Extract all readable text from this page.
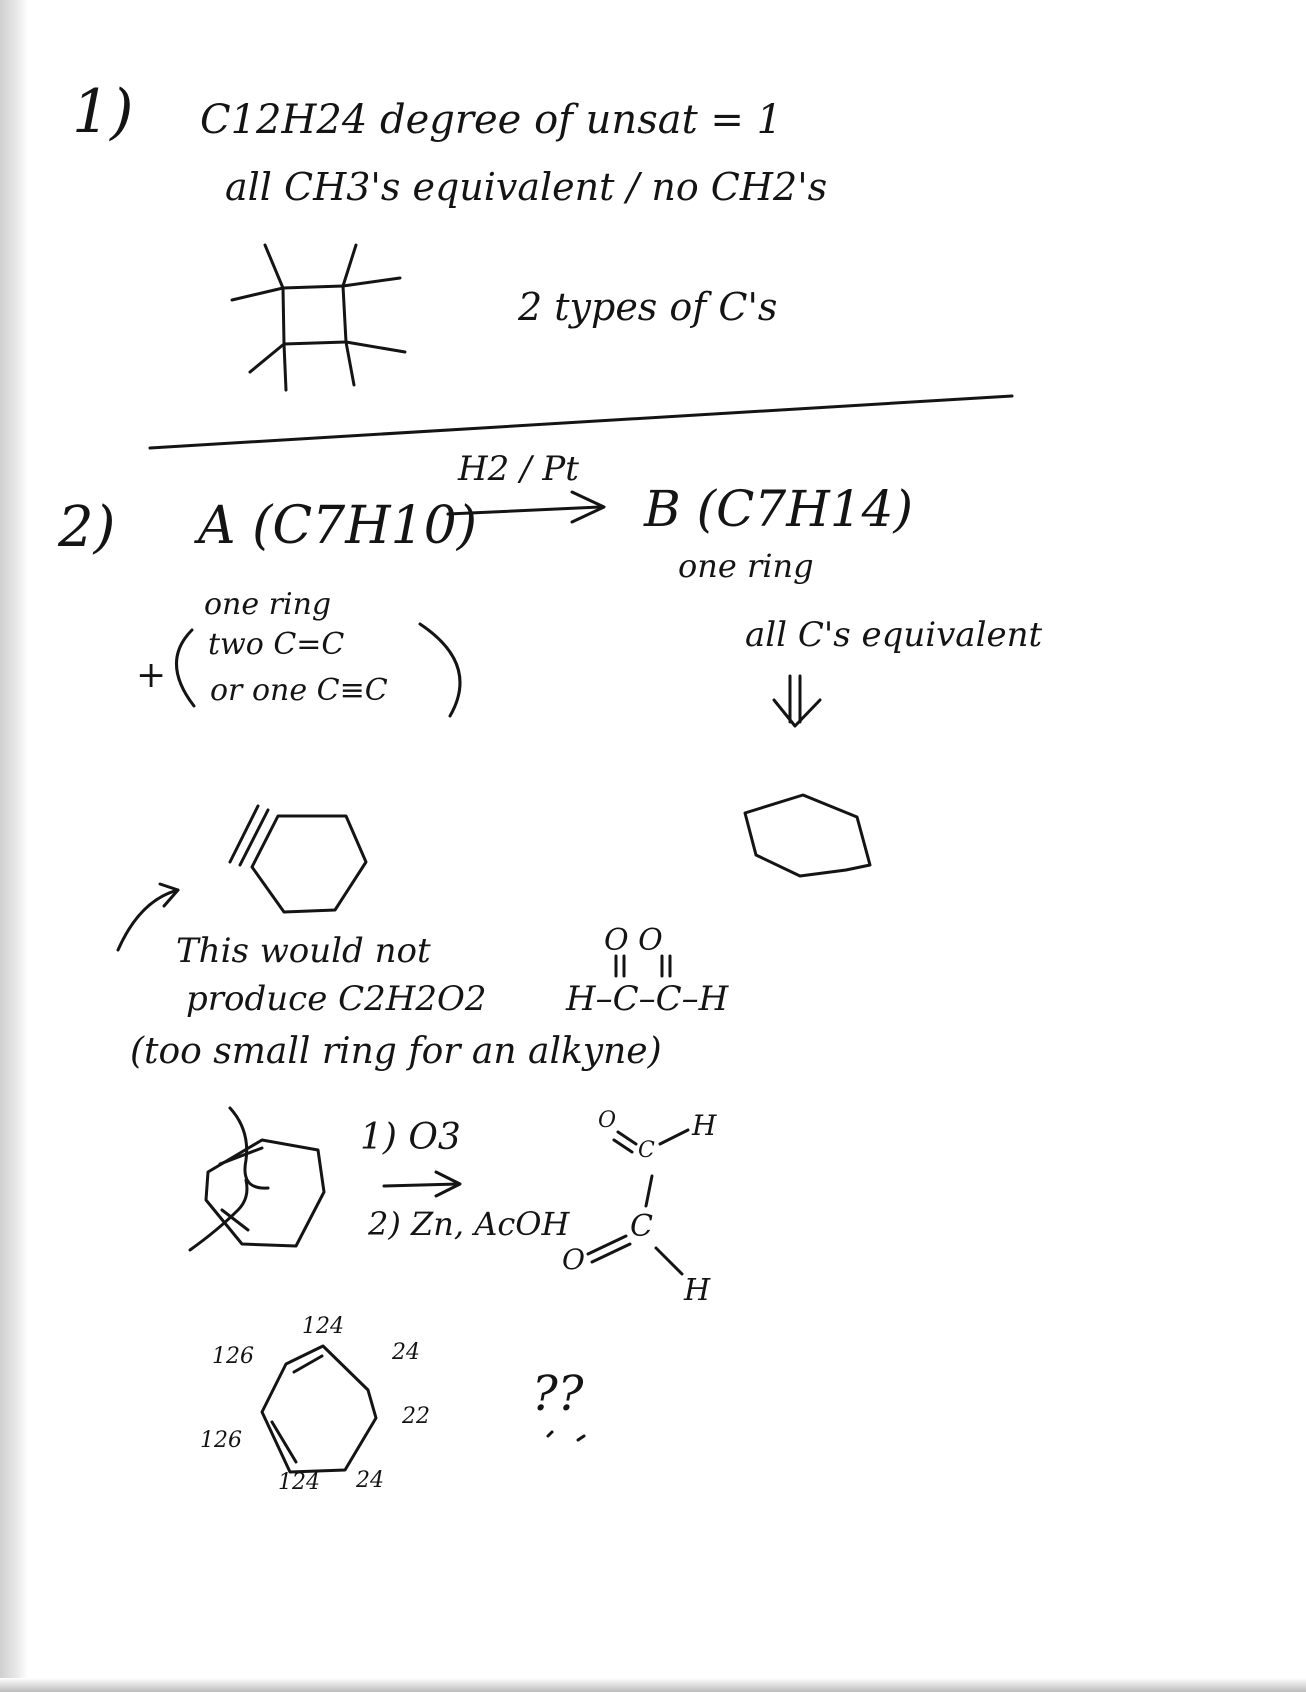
1) C12H24 degree of unsat = 1
all CH3's equivalent / no CH2's
2 types of C's
2) A (C7H10)
H2 / Pt
B (C7H14)
one ring
all C's equivalent
one ring
+
two C=C
or one C≡C
This would not
produce C2H2O2
(too small ring for an alkyne)
O O
H–C–C–H
1) O3
2) Zn, AcOH
O
C
H
C
O
H
124
126	24
22
126
124 24
??
